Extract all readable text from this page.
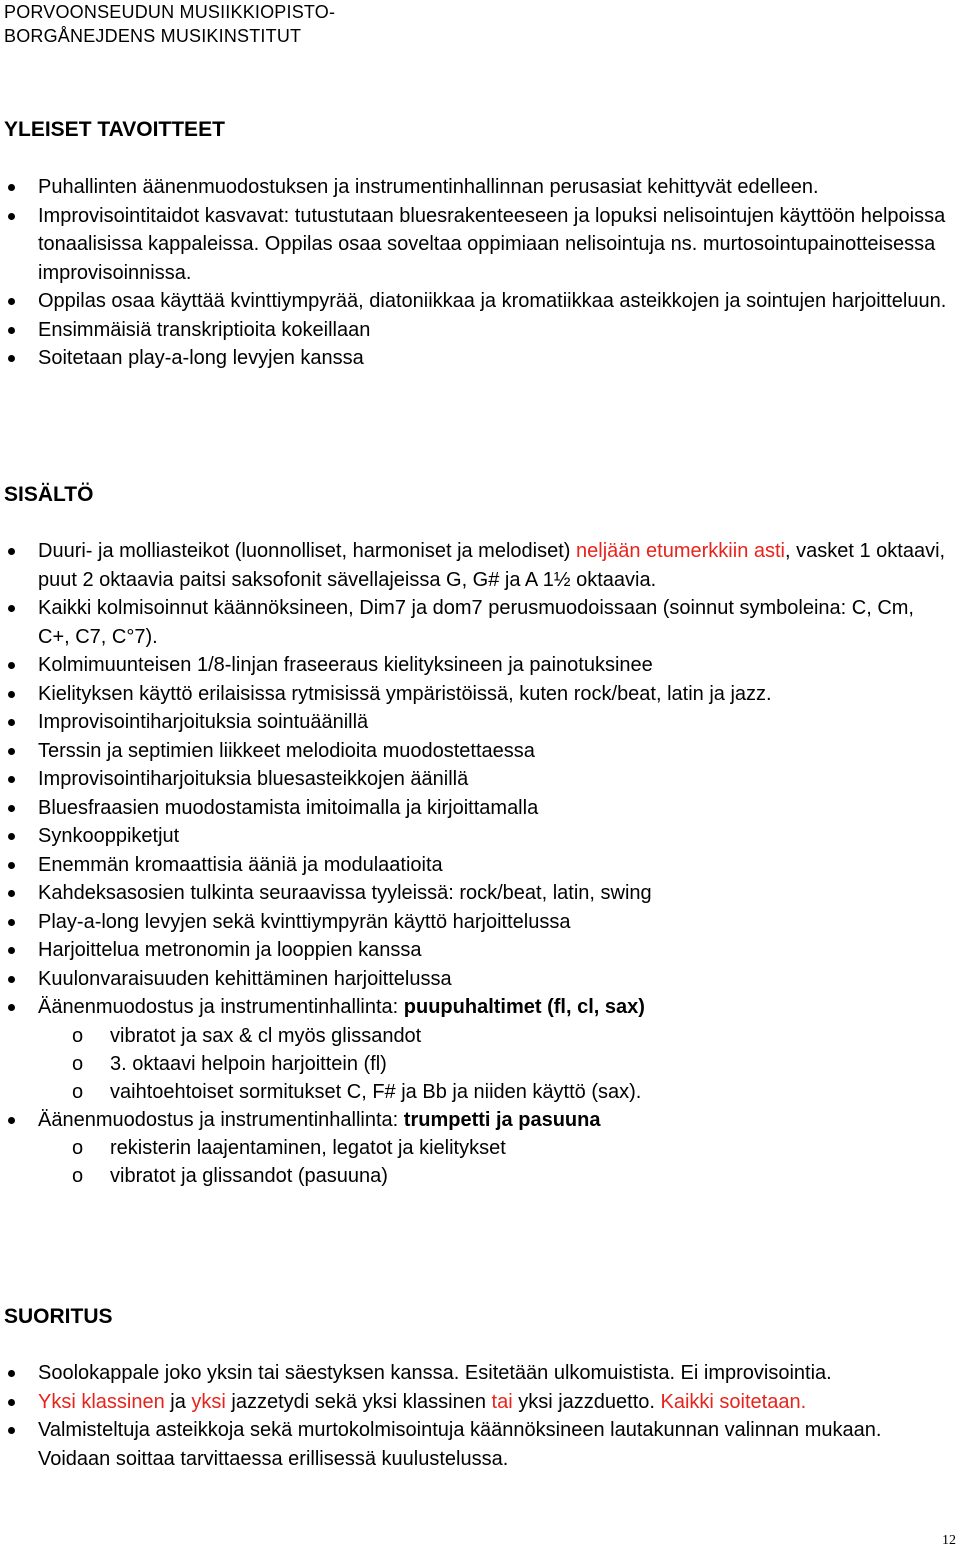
PORVOONSEUDUN MUSIIKKIOPISTO-
BORGÅNEJDENS MUSIKINSTITUT
YLEISET TAVOITTEET
Puhallinten äänenmuodostuksen ja instrumentinhallinnan perusasiat kehittyvät edelleen.
Improvisointitaidot kasvavat: tutustutaan bluesrakenteeseen ja lopuksi nelisointujen käyttöön helpoissa tonaalisissa kappaleissa. Oppilas osaa soveltaa oppimiaan nelisointuja ns. murtosointupainotteisessa improvisoinnissa.
Oppilas osaa käyttää kvinttiympyrää, diatoniikkaa ja kromatiikkaa asteikkojen ja sointujen harjoitteluun.
Ensimmäisiä transkriptioita kokeillaan
Soitetaan play-a-long levyjen kanssa
SISÄLTÖ
Duuri- ja molliasteikot (luonnolliset, harmoniset ja melodiset) neljään etumerkkiin asti, vasket 1 oktaavi, puut 2 oktaavia paitsi saksofonit sävellajeissa G, G# ja A 1½ oktaavia.
Kaikki kolmisoinnut käännöksineen, Dim7 ja dom7 perusmuodoissaan (soinnut symboleina: C, Cm, C+, C7, C°7).
Kolmimuunteisen 1/8-linjan fraseeraus kielityksineen ja painotuksinee
Kielityksen käyttö erilaisissa rytmisissä ympäristöissä, kuten rock/beat, latin ja jazz.
Improvisointiharjoituksia sointuäänillä
Terssin ja septimien liikkeet melodioita muodostettaessa
Improvisointiharjoituksia bluesasteikkojen äänillä
Bluesfraasien muodostamista imitoimalla ja kirjoittamalla
Synkooppiketjut
Enemmän kromaattisia ääniä ja modulaatioita
Kahdeksasosien tulkinta seuraavissa tyyleissä: rock/beat, latin, swing
Play-a-long levyjen sekä kvinttiympyrän käyttö harjoittelussa
Harjoittelua metronomin ja looppien kanssa
Kuulonvaraisuuden kehittäminen harjoittelussa
Äänenmuodostus ja instrumentinhallinta: puupuhaltimet (fl, cl, sax)
o vibratot ja sax & cl myös glissandot
o 3. oktaavi helpoin harjoittein (fl)
o vaihtoehtoiset sormitukset C, F# ja Bb ja niiden käyttö (sax).
Äänenmuodostus ja instrumentinhallinta: trumpetti ja pasuuna
o rekisterin laajentaminen, legatot ja kielitykset
o vibratot ja glissandot (pasuuna)
SUORITUS
Soolokappale joko yksin tai säestyksen kanssa. Esitetään ulkomuistista. Ei improvisointia.
Yksi klassinen ja yksi jazzetydi sekä yksi klassinen tai yksi jazzduetto. Kaikki soitetaan.
Valmisteltuja asteikkoja sekä murtokolmisointuja käännöksineen lautakunnan valinnan mukaan. Voidaan soittaa tarvittaessa erillisessä kuulustelussa.
12
